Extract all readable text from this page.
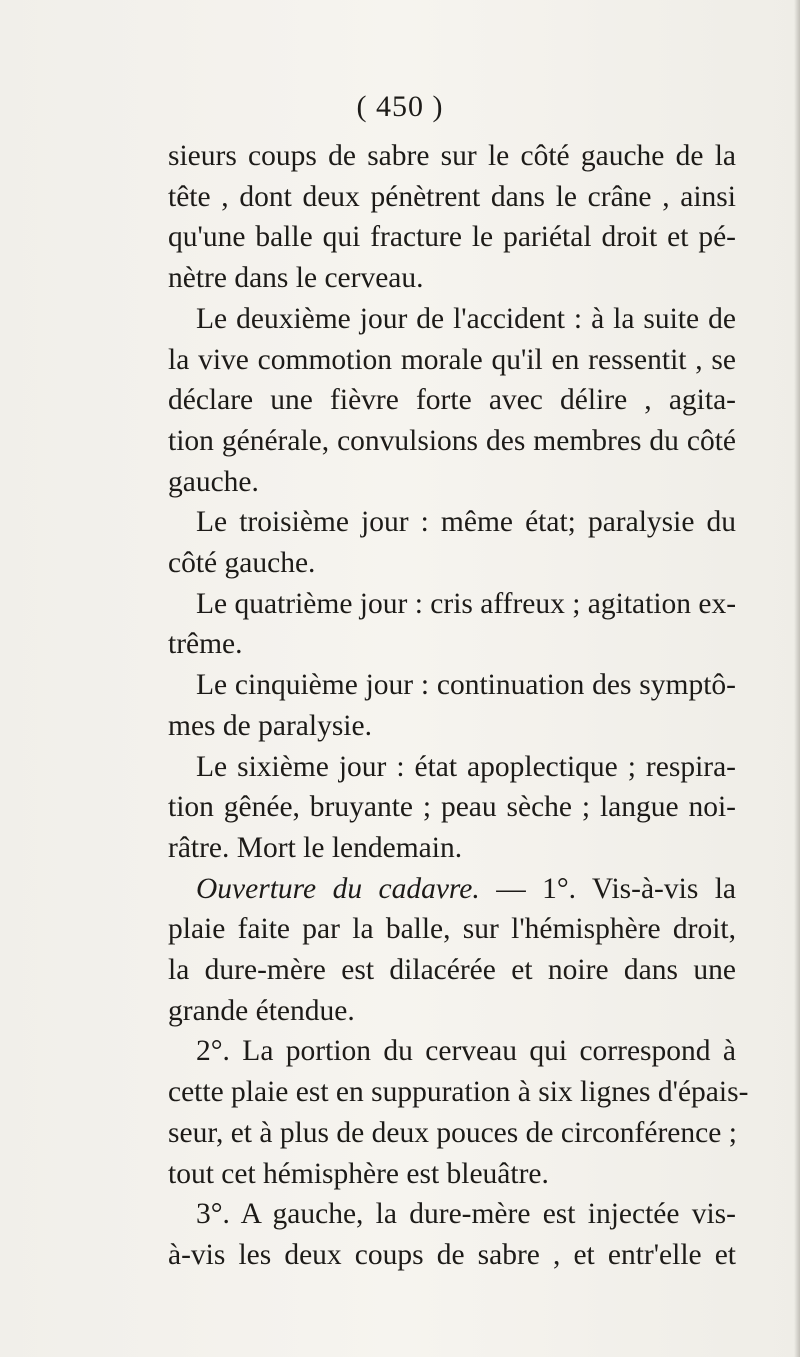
( 450 )
sieurs coups de sabre sur le côté gauche de la
tête , dont deux pénètrent dans le crâne , ainsi
qu'une balle qui fracture le pariétal droit et pé-
nètre dans le cerveau.
Le deuxième jour de l'accident : à la suite de
la vive commotion morale qu'il en ressentit , se
déclare une fièvre forte avec délire , agita-
tion générale, convulsions des membres du côté
gauche.
Le troisième jour : même état; paralysie du
côté gauche.
Le quatrième jour : cris affreux ; agitation ex-
trême.
Le cinquième jour : continuation des symptô-
mes de paralysie.
Le sixième jour : état apoplectique ; respira-
tion gênée, bruyante ; peau sèche ; langue noi-
râtre. Mort le lendemain.
Ouverture du cadavre. — 1°. Vis-à-vis la
plaie faite par la balle, sur l'hémisphère droit,
la dure-mère est dilacérée et noire dans une
grande étendue.
2°. La portion du cerveau qui correspond à
cette plaie est en suppuration à six lignes d'épais-
seur, et à plus de deux pouces de circonférence ;
tout cet hémisphère est bleuâtre.
3°. A gauche, la dure-mère est injectée vis-
à-vis les deux coups de sabre , et entr'elle et
